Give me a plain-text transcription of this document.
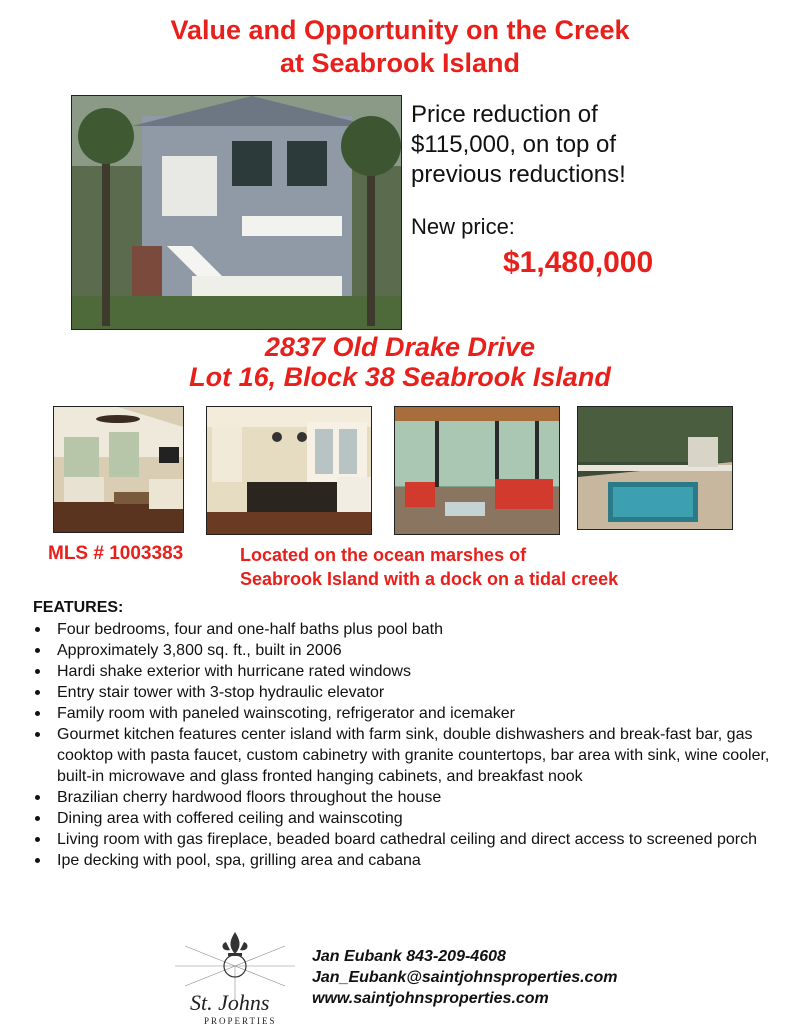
Value and Opportunity on the Creek
at Seabrook Island
Price reduction of
$115,000, on top of
previous reductions!
New price:
$1,480,000
2837 Old Drake Drive
Lot 16, Block 38 Seabrook Island
MLS # 1003383	Located on the ocean marshes of
Seabrook Island with a dock on a tidal creek
FEATURES:
Four bedrooms, four and one-half baths plus pool bath
Approximately 3,800 sq. ft., built in 2006
Hardi shake exterior with hurricane rated windows
Entry stair tower with 3-stop hydraulic elevator
Family room with paneled wainscoting, refrigerator and icemaker
Gourmet kitchen features center island with farm sink, double dishwashers and break-fast bar, gas cooktop with pasta faucet, custom cabinetry with granite countertops, bar area with sink, wine cooler, built-in microwave and glass fronted hanging cabinets, and breakfast nook
Brazilian cherry hardwood floors throughout the house
Dining area with coffered ceiling and wainscoting
Living room with gas fireplace, beaded board cathedral ceiling and direct access to screened porch
Ipe decking with pool, spa, grilling area and cabana
St. Johns
PROPERTIES
Jan Eubank 843-209-4608
Jan_Eubank@saintjohnsproperties.com
www.saintjohnsproperties.com
